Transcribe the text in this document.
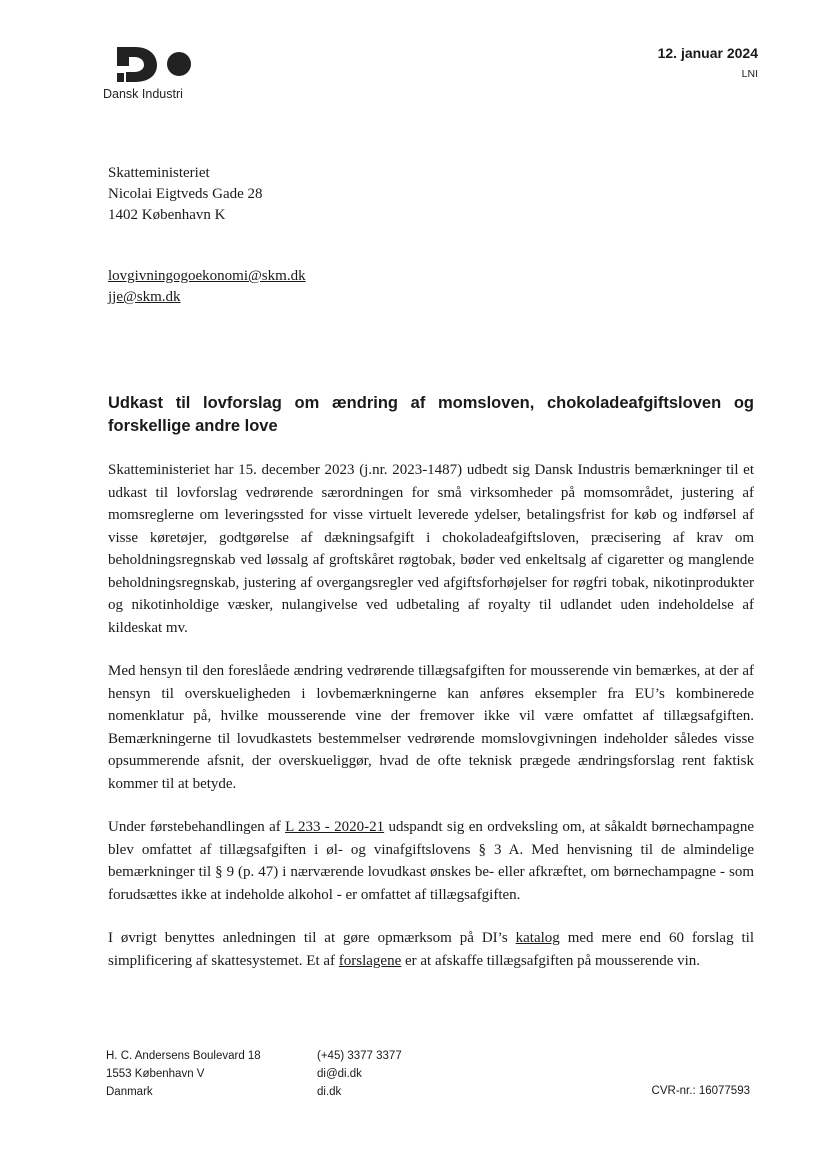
Dansk Industri
12. januar 2024
LNI
Skatteministeriet
Nicolai Eigtveds Gade 28
1402 København K
lovgivningogoekonomi@skm.dk
jje@skm.dk
Udkast til lovforslag om ændring af momsloven, chokoladeafgiftsloven og forskellige andre love

Skatteministeriet har 15. december 2023 (j.nr. 2023-1487) udbedt sig Dansk Industris bemærkninger til et udkast til lovforslag vedrørende særordningen for små virksomheder på momsområdet, justering af momsreglerne om leveringssted for visse virtuelt leverede ydelser, betalingsfrist for køb og indførsel af visse køretøjer, godtgørelse af dækningsafgift i chokoladeafgiftsloven, præcisering af krav om beholdningsregnskab ved løssalg af groftskåret røgtobak, bøder ved enkeltsalg af cigaretter og manglende beholdningsregnskab, justering af overgangsregler ved afgiftsforhøjelser for røgfri tobak, nikotinprodukter og nikotinholdige væsker, nulangivelse ved udbetaling af royalty til udlandet uden indeholdelse af kildeskat mv.

Med hensyn til den foreslåede ændring vedrørende tillægsafgiften for mousserende vin bemærkes, at der af hensyn til overskueligheden i lovbemærkningerne kan anføres eksempler fra EU’s kombinerede nomenklatur på, hvilke mousserende vine der fremover ikke vil være omfattet af tillægsafgiften. Bemærkningerne til lovudkastets bestemmelser vedrørende momslovgivningen indeholder således visse opsummerende afsnit, der overskueliggør, hvad de ofte teknisk prægede ændringsforslag rent faktisk kommer til at betyde.

Under førstebehandlingen af L 233 - 2020-21 udspandt sig en ordveksling om, at såkaldt børnechampagne blev omfattet af tillægsafgiften i øl- og vinafgiftslovens § 3 A. Med henvisning til de almindelige bemærkninger til § 9 (p. 47) i nærværende lovudkast ønskes be- eller afkræftet, om børnechampagne - som forudsættes ikke at indeholde alkohol - er omfattet af tillægsafgiften.

I øvrigt benyttes anledningen til at gøre opmærksom på DI’s katalog med mere end 60 forslag til simplificering af skattesystemet. Et af forslagene er at afskaffe tillægsafgiften på mousserende vin.

H. C. Andersens Boulevard 18
1553 København V
Danmark
(+45) 3377 3377
di@di.dk
di.dk	CVR-nr.: 16077593
